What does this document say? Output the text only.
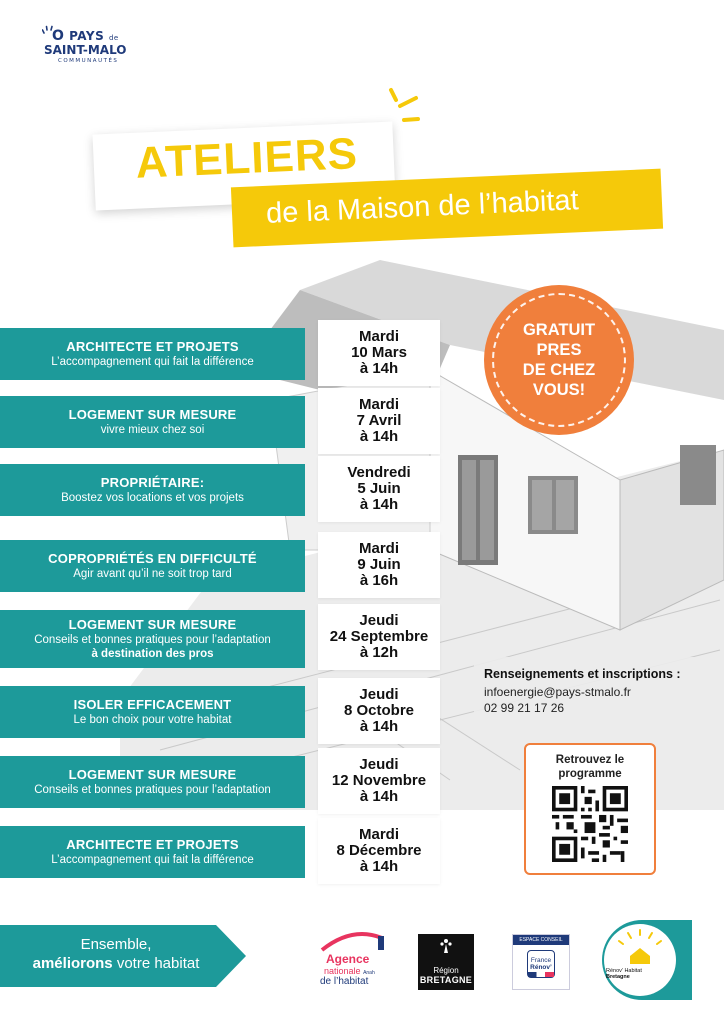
O PAYS de
SAINT-MALO
COMMUNAUTÉS
ATELIERS
de la Maison de l’habitat
GRATUIT
PRES
DE CHEZ
VOUS!
ARCHITECTE ET PROJETS
L’accompagnement qui fait la différence
Mardi
10 Mars
à 14h
LOGEMENT SUR MESURE
vivre mieux chez soi
Mardi
7 Avril
à 14h
PROPRIÉTAIRE:
Boostez vos locations et vos projets
Vendredi
5 Juin
à 14h
COPROPRIÉTÉS EN DIFFICULTÉ
Agir avant qu’il ne soit trop tard
Mardi
9 Juin
à 16h
LOGEMENT SUR MESURE
Conseils et bonnes pratiques pour l’adaptation
à destination des pros
Jeudi
24 Septembre
à 12h
ISOLER EFFICACEMENT
Le bon choix pour votre habitat
Jeudi
8 Octobre
à 14h
LOGEMENT SUR MESURE
Conseils et bonnes pratiques pour l’adaptation
Jeudi
12 Novembre
à 14h
ARCHITECTE ET PROJETS
L’accompagnement qui fait la différence
Mardi
8 Décembre
à 14h
Renseignements et inscriptions :
infoenergie@pays-stmalo.fr
02 99 21 17 26
Retrouvez le
programme
Ensemble,
améliorons votre habitat	Agence
nationale Anah
de l’habitat
Région
BRETAGNE
ESPACE CONSEIL
France
Rénov’	Rénov’ Habitat
Bretagne
